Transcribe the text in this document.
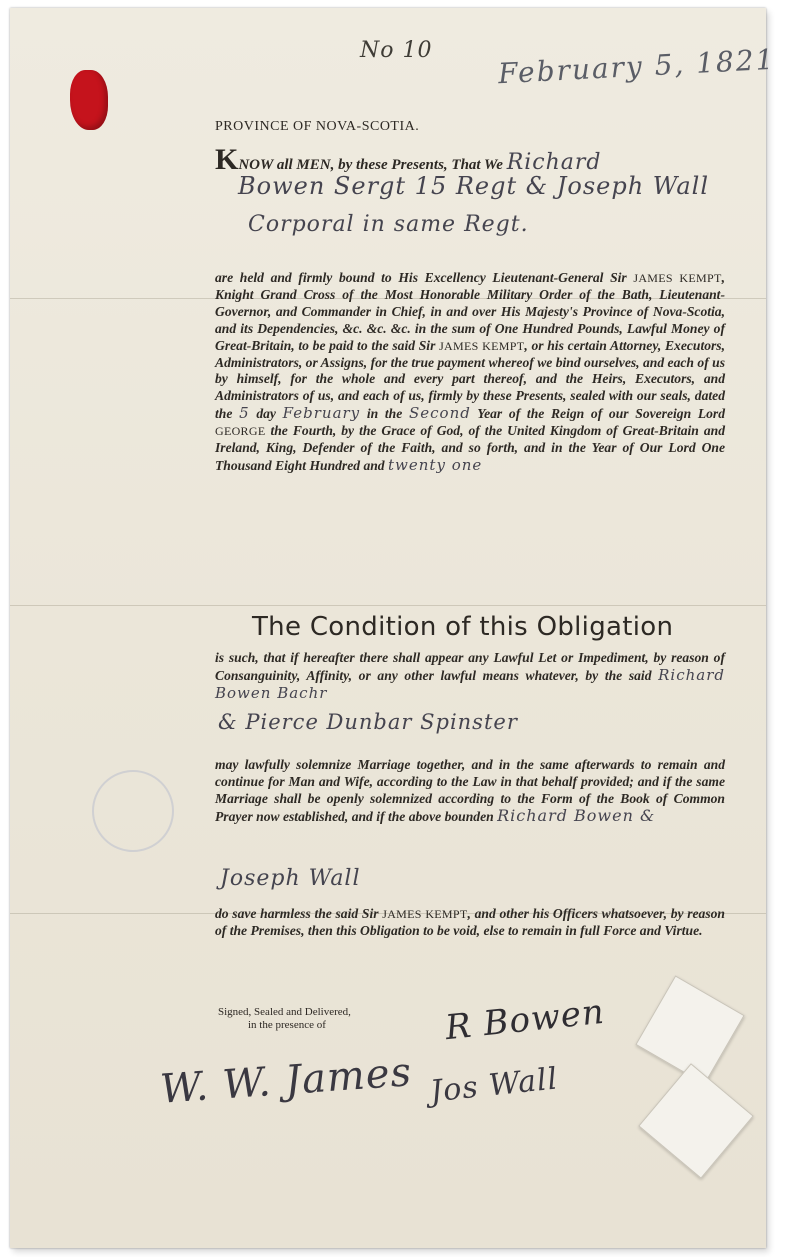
No 10 February 5, 1821
PROVINCE OF NOVA-SCOTIA.
KNOW all MEN, by these Presents, That We Richard
Bowen Sergt 15 Regt & Joseph Wall
Corporal in same Regt.

are held and firmly bound to His Excellency Lieutenant-General Sir JAMES KEMPT, Knight Grand Cross of the Most Honorable Military Order of the Bath, Lieutenant-Governor, and Commander in Chief, in and over His Majesty's Province of Nova-Scotia, and its Dependencies, &c. &c. &c. in the sum of One Hundred Pounds, Lawful Money of Great-Britain, to be paid to the said Sir JAMES KEMPT, or his certain Attorney, Executors, Administrators, or Assigns, for the true payment whereof we bind ourselves, and each of us by himself, for the whole and every part thereof, and the Heirs, Executors, and Administrators of us, and each of us, firmly by these Presents, sealed with our seals, dated the 5 day February in the Second Year of the Reign of our Sovereign Lord GEORGE the Fourth, by the Grace of God, of the United Kingdom of Great-Britain and Ireland, King, Defender of the Faith, and so forth, and in the Year of Our Lord One Thousand Eight Hundred and twenty one

The Condition of this Obligation

is such, that if hereafter there shall appear any Lawful Let or Impediment, by reason of Consanguinity, Affinity, or any other lawful means whatever, by the said Richard Bowen Bachr

& Pierce Dunbar Spinster

may lawfully solemnize Marriage together, and in the same afterwards to remain and continue for Man and Wife, according to the Law in that behalf provided; and if the same Marriage shall be openly solemnized according to the Form of the Book of Common Prayer now established, and if the above bounden Richard Bowen &

Joseph Wall

do save harmless the said Sir JAMES KEMPT, and other his Officers whatsoever, by reason of the Premises, then this Obligation to be void, else to remain in full Force and Virtue.

Signed, Sealed and Delivered,
in the presence of	R Bowen
W. W. James Jos Wall
